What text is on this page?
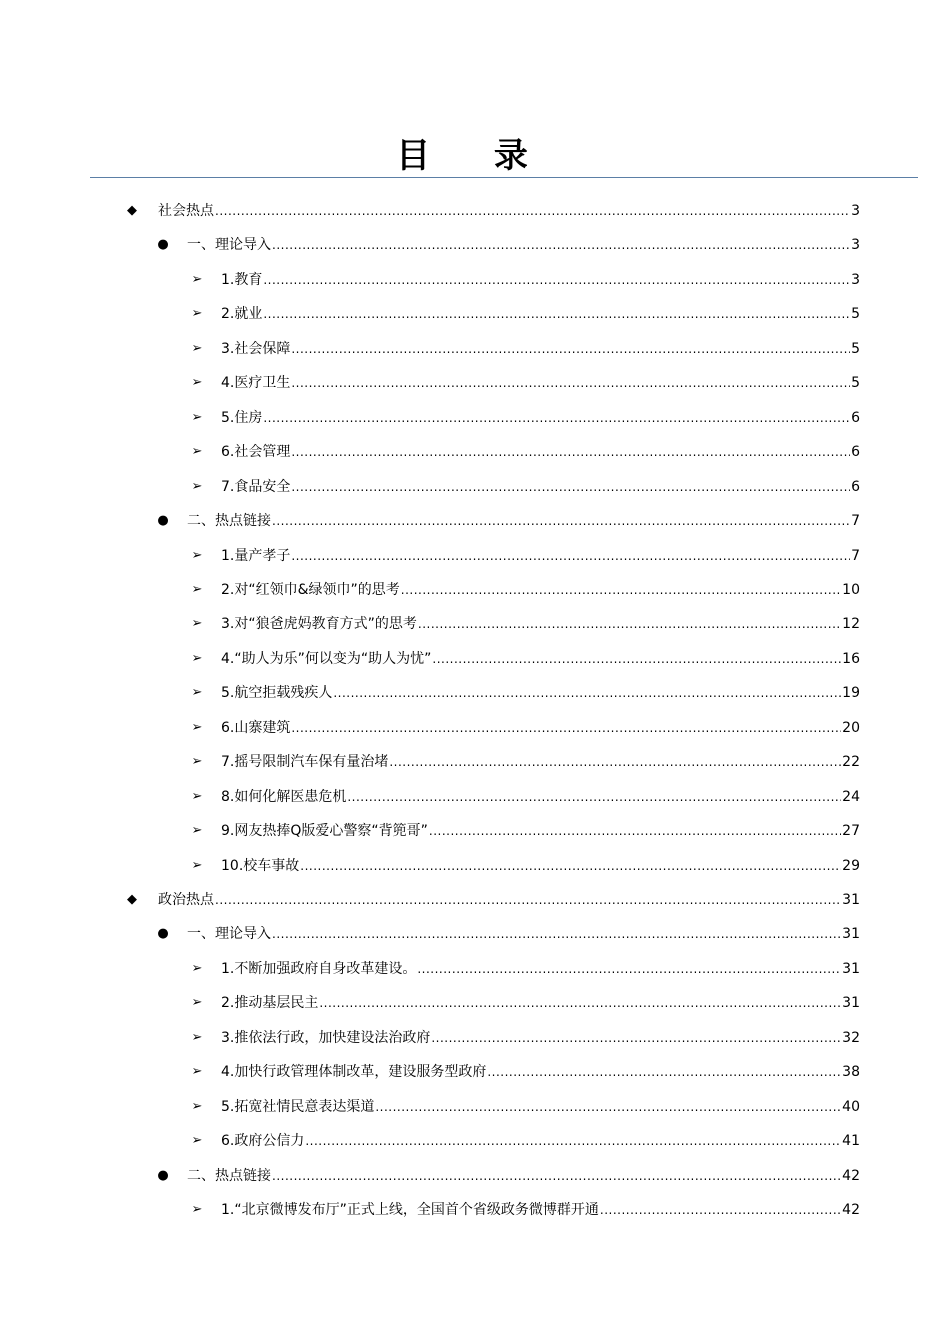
目 录
◆	社会热点 .....	3
●	一、理论导入 .....	3
➢	1.教育 .....	3
➢	2.就业 .....	5
➢	3.社会保障 .....	5
➢	4.医疗卫生 .....	5
➢	5.住房 .....	6
➢	6.社会管理 .....	6
➢	7.食品安全 .....	6
●	二、热点链接 .....	7
➢	1.量产孝子 .....	7
➢	2.对“红领巾&绿领巾”的思考 .....	10
➢	3.对“狼爸虎妈教育方式”的思考 .....	12
➢	4.“助人为乐”何以变为“助人为忧” .....	16
➢	5.航空拒载残疾人 .....	19
➢	6.山寨建筑 .....	20
➢	7.摇号限制汽车保有量治堵 .....	22
➢	8.如何化解医患危机 .....	24
➢	9.网友热捧Q版爱心警察“背篼哥” .....	27
➢	10.校车事故 .....	29
◆	政治热点 .....	31
●	一、理论导入 .....	31
➢	1.不断加强政府自身改革建设。 .....	31
➢	2.推动基层民主 .....	31
➢	3.推依法行政，加快建设法治政府 .....	32
➢	4.加快行政管理体制改革，建设服务型政府 .....	38
➢	5.拓宽社情民意表达渠道 .....	40
➢	6.政府公信力 .....	41
●	二、热点链接 .....	42
➢	1.“北京微博发布厅”正式上线，全国首个省级政务微博群开通 .....	42
